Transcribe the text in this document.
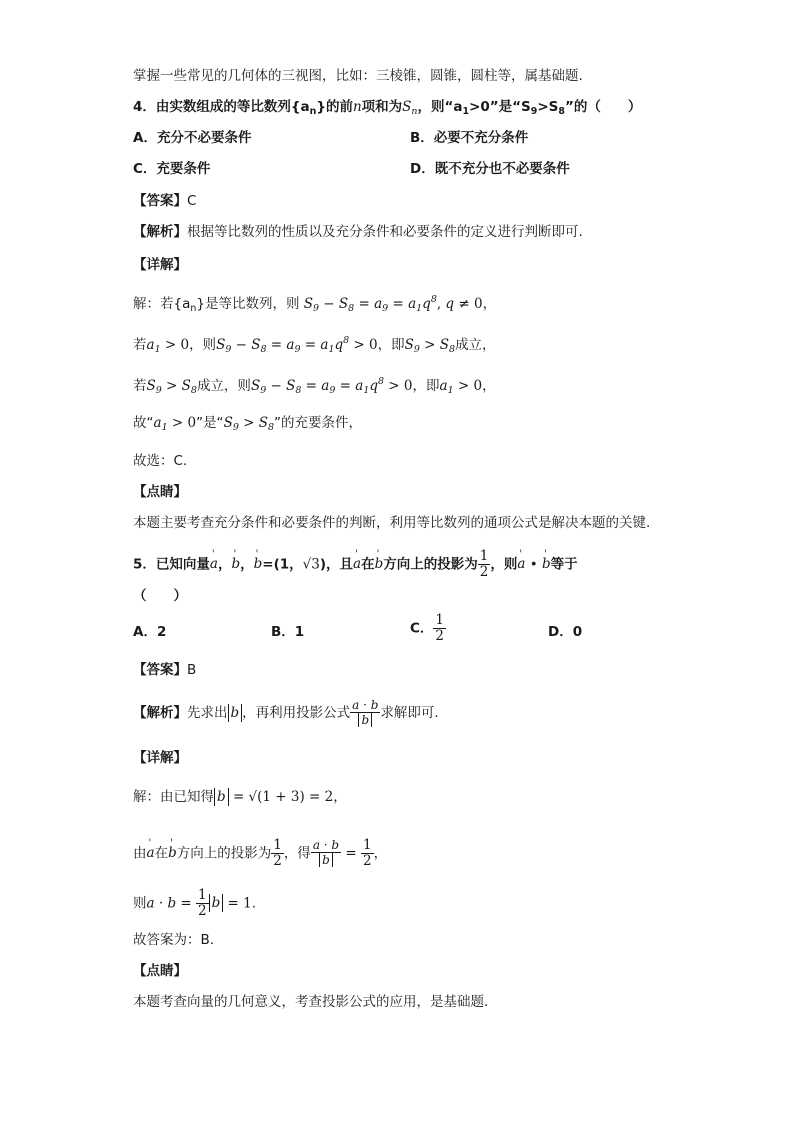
掌握一些常见的几何体的三视图，比如：三棱锥，圆锥，圆柱等，属基础题.
4．由实数组成的等比数列$\{a_n\}$的前n项和为$S_n$，则“$a_1>0$”是“$S_9>S_8$”的（　　）
A．充分不必要条件	B．必要不充分条件
C．充要条件	D．既不充分也不必要条件
【答案】C
【解析】根据等比数列的性质以及充分条件和必要条件的定义进行判断即可.
【详解】
解：若$\{a_n\}$是等比数列，则 $S_9 - S_8 = a_9 = a_1q^8$, q ≠ 0，
若$a_1 > 0$，则$S_9 - S_8 = a_9 = a_1q^8 > 0$，即$S_9 > S_8$成立，
若$S_9 > S_8$成立，则$S_9 - S_8 = a_9 = a_1q^8 > 0$，即$a_1 > 0$，
故“$a_1 > 0$”是“$S_9 > S_8$”的充要条件，
故选：C.
【点睛】
本题主要考查充分条件和必要条件的判断，利用等比数列的通项公式是解决本题的关键.
5．已知向量' a，' b，' b=(1，√3)，且' a在' b方向上的投影为 $\frac{1}{2}$ ，则' a • ' b等于
（　　）
A．2	B．1	C． $\frac{1}{2}$	D．0
【答案】B
【解析】先求出 b ，再利用投影公式 $\frac{a \cdot b}{b}$ 求解即可.
【详解】
解：由已知得 b = √(1 + 3) = 2，
由' a在' b方向上的投影为 $\frac{1}{2}$ ，得 $\frac{a \cdot b}{b} = \frac{1}{2}$ ，
则$a \cdot b = \frac{1}{2}$ b = 1.
故答案为：B.
【点睛】
本题考查向量的几何意义，考查投影公式的应用，是基础题.
